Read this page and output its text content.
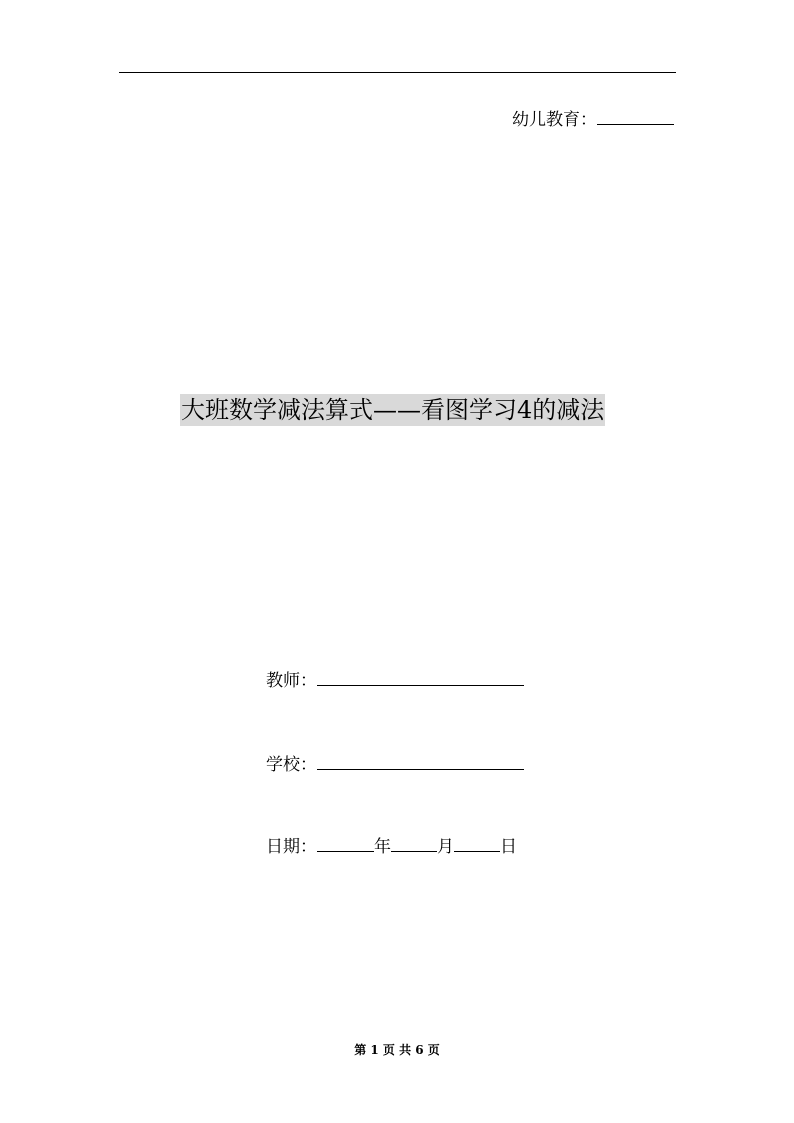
幼儿教育：
大班数学减法算式——看图学习4的减法
教师：
学校：
日期：	年	月	日
第 1 页 共 6 页
